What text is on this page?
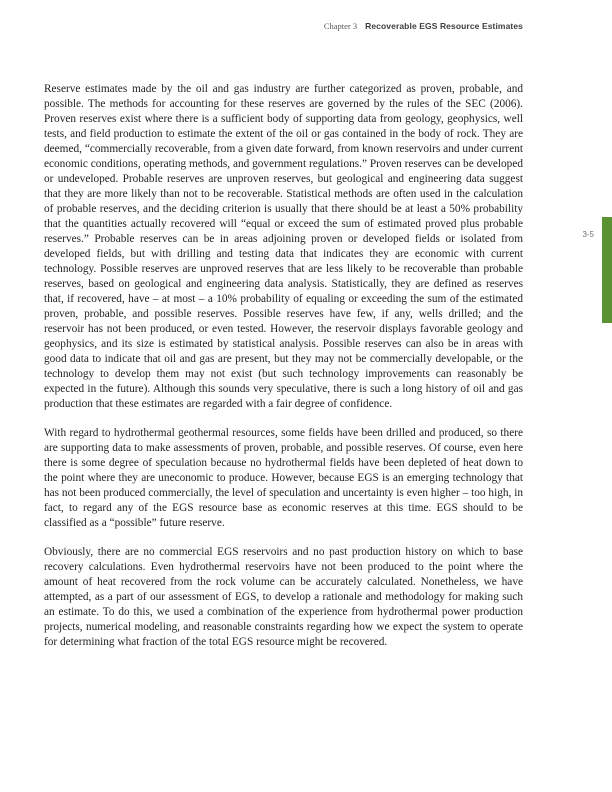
Chapter 3 Recoverable EGS Resource Estimates

Reserve estimates made by the oil and gas industry are further categorized as proven, probable, and possible. The methods for accounting for these reserves are governed by the rules of the SEC (2006). Proven reserves exist where there is a sufficient body of supporting data from geology, geophysics, well tests, and field production to estimate the extent of the oil or gas contained in the body of rock. They are deemed, “commercially recoverable, from a given date forward, from known reservoirs and under current economic conditions, operating methods, and government regulations.” Proven reserves can be developed or undeveloped. Probable reserves are unproven reserves, but geological and engineering data suggest that they are more likely than not to be recoverable. Statistical methods are often used in the calculation of probable reserves, and the deciding criterion is usually that there should be at least a 50% probability that the quantities actually recovered will “equal or exceed the sum of estimated proved plus probable reserves.” Probable reserves can be in areas adjoining proven or developed fields or isolated from developed fields, but with drilling and testing data that indicates they are economic with current technology. Possible reserves are unproved reserves that are less likely to be recoverable than probable reserves, based on geological and engineering data analysis. Statistically, they are defined as reserves that, if recovered, have – at most – a 10% probability of equaling or exceeding the sum of the estimated proven, probable, and possible reserves. Possible reserves have few, if any, wells drilled; and the reservoir has not been produced, or even tested. However, the reservoir displays favorable geology and geophysics, and its size is estimated by statistical analysis. Possible reserves can also be in areas with good data to indicate that oil and gas are present, but they may not be commercially developable, or the technology to develop them may not exist (but such technology improvements can reasonably be expected in the future). Although this sounds very speculative, there is such a long history of oil and gas production that these estimates are regarded with a fair degree of confidence.

With regard to hydrothermal geothermal resources, some fields have been drilled and produced, so there are supporting data to make assessments of proven, probable, and possible reserves. Of course, even here there is some degree of speculation because no hydrothermal fields have been depleted of heat down to the point where they are uneconomic to produce. However, because EGS is an emerging technology that has not been produced commercially, the level of speculation and uncertainty is even higher – too high, in fact, to regard any of the EGS resource base as economic reserves at this time. EGS should to be classified as a “possible” future reserve.

Obviously, there are no commercial EGS reservoirs and no past production history on which to base recovery calculations. Even hydrothermal reservoirs have not been produced to the point where the amount of heat recovered from the rock volume can be accurately calculated. Nonetheless, we have attempted, as a part of our assessment of EGS, to develop a rationale and methodology for making such an estimate. To do this, we used a combination of the experience from hydrothermal power production projects, numerical modeling, and reasonable constraints regarding how we expect the system to operate for determining what fraction of the total EGS resource might be recovered.

3-5
